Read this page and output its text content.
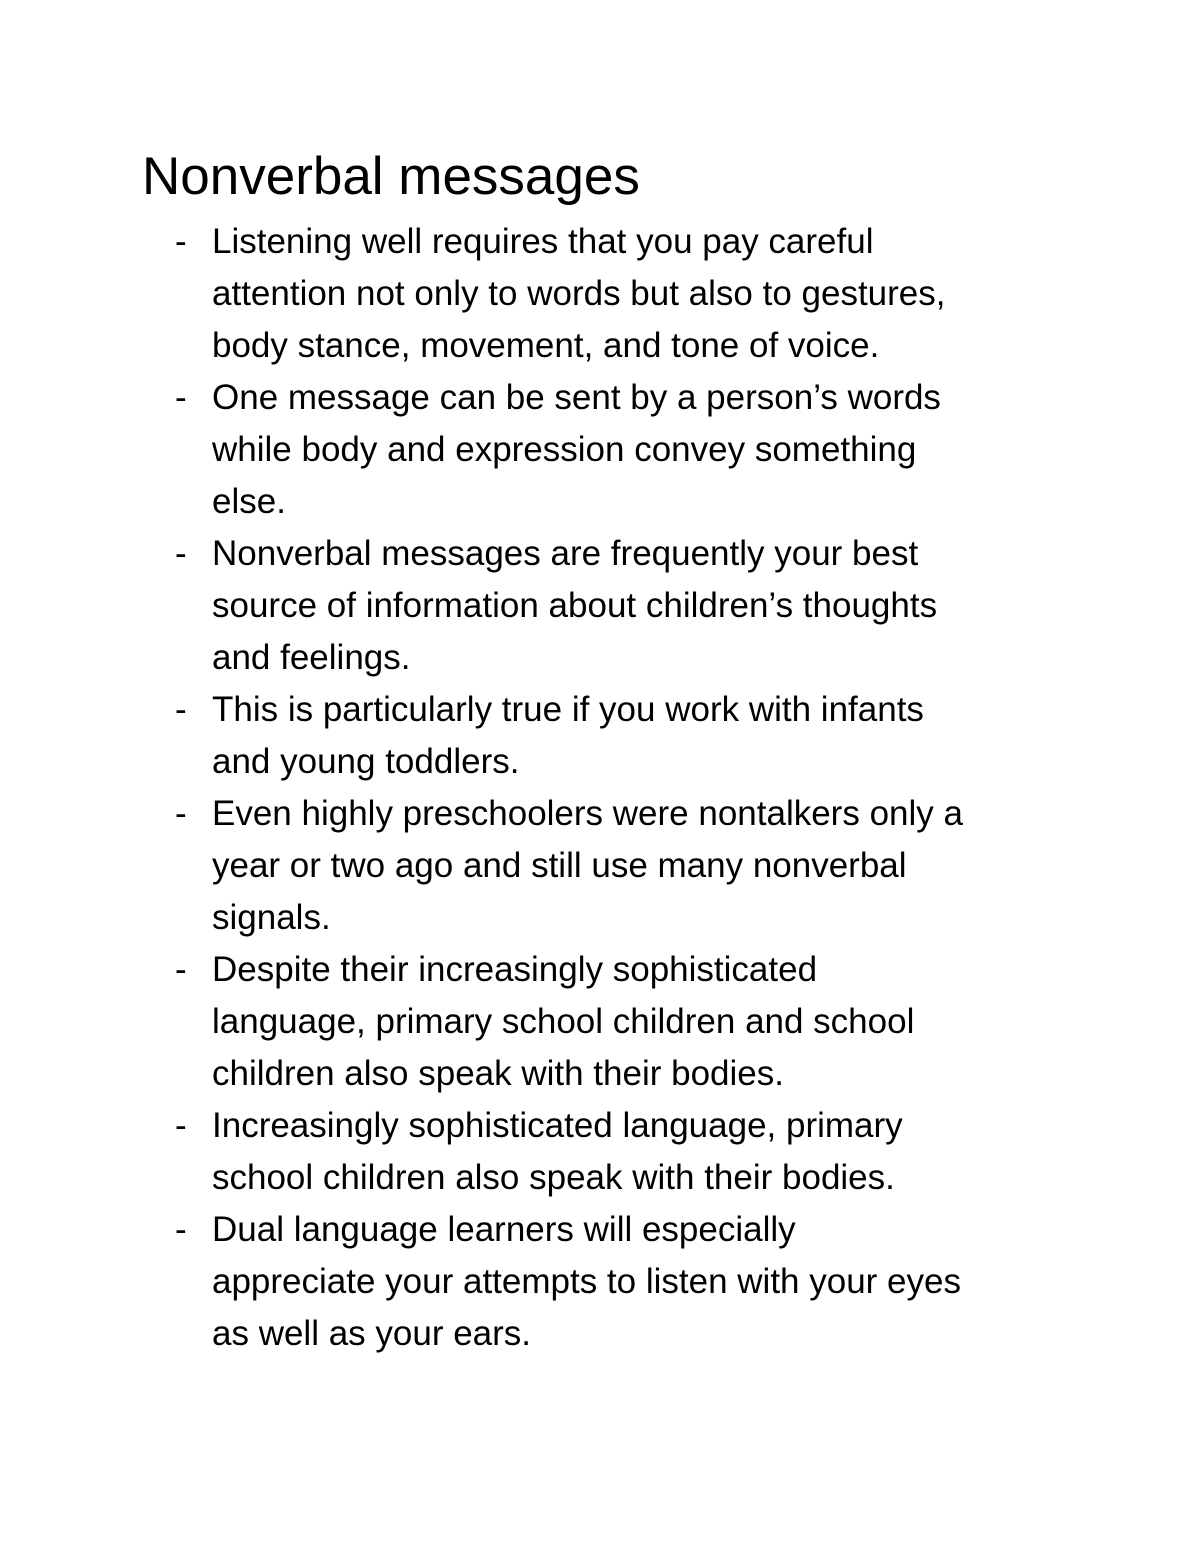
Nonverbal messages
- Listening well requires that you pay careful
attention not only to words but also to gestures,
body stance, movement, and tone of voice.
- One message can be sent by a person’s words
while body and expression convey something
else.
- Nonverbal messages are frequently your best
source of information about children’s thoughts
and feelings.
- This is particularly true if you work with infants
and young toddlers.
- Even highly preschoolers were nontalkers only a
year or two ago and still use many nonverbal
signals.
- Despite their increasingly sophisticated
language, primary school children and school
children also speak with their bodies.
- Increasingly sophisticated language, primary
school children also speak with their bodies.
- Dual language learners will especially
appreciate your attempts to listen with your eyes
as well as your ears.
